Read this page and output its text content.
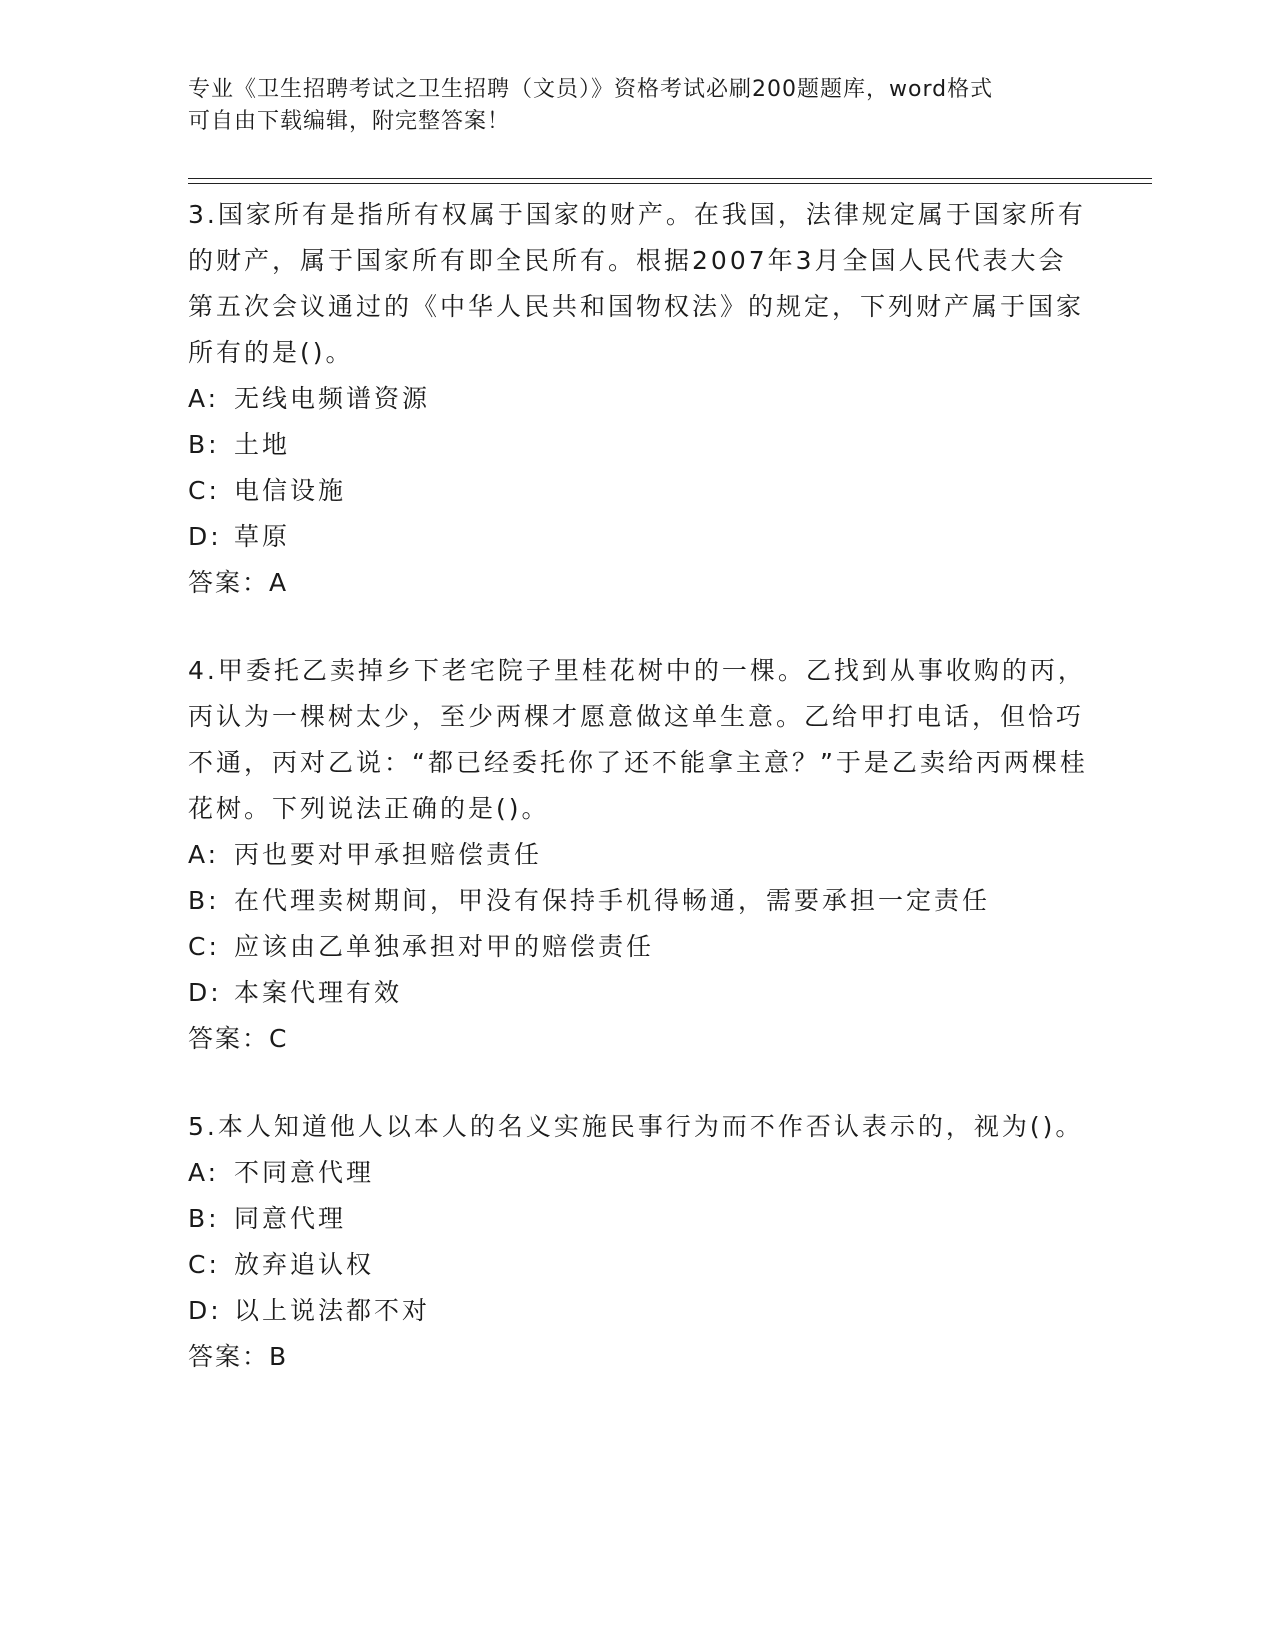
专业《卫生招聘考试之卫生招聘（文员）》资格考试必刷200题题库，word格式
可自由下载编辑，附完整答案！

3.国家所有是指所有权属于国家的财产。在我国，法律规定属于国家所有的财产，属于国家所有即全民所有。根据2007年3月全国人民代表大会第五次会议通过的《中华人民共和国物权法》的规定，下列财产属于国家所有的是()。

A: 无线电频谱资源
B: 土地
C: 电信设施
D: 草原

答案：A

4.甲委托乙卖掉乡下老宅院子里桂花树中的一棵。乙找到从事收购的丙，丙认为一棵树太少，至少两棵才愿意做这单生意。乙给甲打电话，但恰巧不通，丙对乙说：“都已经委托你了还不能拿主意？”于是乙卖给丙两棵桂花树。下列说法正确的是()。

A: 丙也要对甲承担赔偿责任
B: 在代理卖树期间，甲没有保持手机得畅通，需要承担一定责任
C: 应该由乙单独承担对甲的赔偿责任
D: 本案代理有效

答案：C

5.本人知道他人以本人的名义实施民事行为而不作否认表示的，视为()。

A: 不同意代理
B: 同意代理
C: 放弃追认权
D: 以上说法都不对

答案：B
